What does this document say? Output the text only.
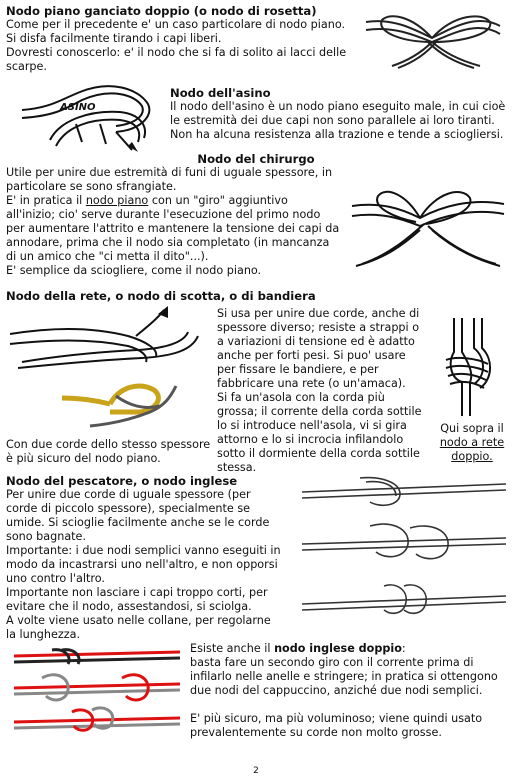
Nodo piano ganciato doppio (o nodo di rosetta)

Come per il precedente e' un caso particolare di nodo piano.

Si disfa facilmente tirando i capi liberi.

Dovresti conoscerlo: e' il nodo che si fa di solito ai lacci delle

scarpe.

ASINO
Nodo dell'asino

Il nodo dell'asino è un nodo piano eseguito male, in cui cioè

le estremità dei due capi non sono parallele ai loro tiranti.

Non ha alcuna resistenza alla trazione e tende a sciogliersi.

Nodo del chirurgo

Utile per unire due estremità di funi di uguale spessore, in

particolare se sono sfrangiate.

E' in pratica il nodo piano con un "giro" aggiuntivo

all'inizio; cio' serve durante l'esecuzione del primo nodo

per aumentare l'attrito e mantenere la tensione dei capi da

annodare, prima che il nodo sia completato (in mancanza

di un amico che "ci metta il dito"...).

E' semplice da sciogliere, come il nodo piano.

Nodo della rete, o nodo di scotta, o di bandiera

Con due corde dello stesso spessore

è più sicuro del nodo piano.

Si usa per unire due corde, anche di

spessore diverso; resiste a strappi o

a variazioni di tensione ed è adatto

anche per forti pesi. Si puo' usare

per fissare le bandiere, e per

fabbricare una rete (o un'amaca).

Si fa un'asola con la corda più

grossa; il corrente della corda sottile

lo si introduce nell'asola, vi si gira

attorno e lo si incrocia infilandolo

sotto il dormiente della corda sottile

stessa.

Qui sopra il

nodo a rete

doppio.

Nodo del pescatore, o nodo inglese

Per unire due corde di uguale spessore (per

corde di piccolo spessore), specialmente se

umide. Si scioglie facilmente anche se le corde

sono bagnate.

Importante: i due nodi semplici vanno eseguiti in

modo da incastrarsi uno nell'altro, e non opporsi

uno contro l'altro.

Importante non lasciare i capi troppo corti, per

evitare che il nodo, assestandosi, si sciolga.

A volte viene usato nelle collane, per regolarne

la lunghezza.

Esiste anche il nodo inglese doppio:

basta fare un secondo giro con il corrente prima di

infilarlo nelle anelle e stringere; in pratica si ottengono

due nodi del cappuccino, anziché due nodi semplici.

E' più sicuro, ma più voluminoso; viene quindi usato

prevalentemente su corde non molto grosse.

2
